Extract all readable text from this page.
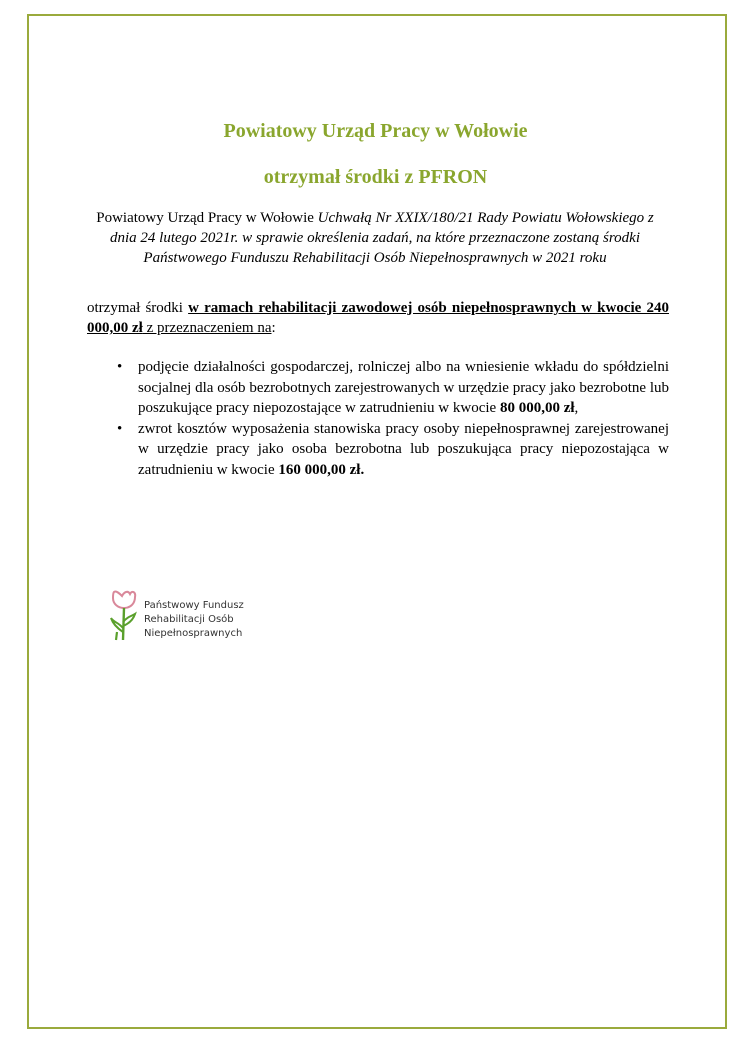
Powiatowy Urząd Pracy w Wołowie
otrzymał środki z PFRON
Powiatowy Urząd Pracy w Wołowie Uchwałą Nr XXIX/180/21 Rady Powiatu Wołowskiego z dnia 24 lutego 2021r. w sprawie określenia zadań, na które przeznaczone zostaną środki Państwowego Funduszu Rehabilitacji Osób Niepełnosprawnych w 2021 roku
otrzymał środki w ramach rehabilitacji zawodowej osób niepełnosprawnych w kwocie 240 000,00 zł z przeznaczeniem na:
• podjęcie działalności gospodarczej, rolniczej albo na wniesienie wkładu do spółdzielni socjalnej dla osób bezrobotnych zarejestrowanych w urzędzie pracy jako bezrobotne lub poszukujące pracy niepozostające w zatrudnieniu w kwocie 80 000,00 zł,
• zwrot kosztów wyposażenia stanowiska pracy osoby niepełnosprawnej zarejestrowanej w urzędzie pracy jako osoba bezrobotna lub poszukująca pracy niepozostająca w zatrudnieniu w kwocie 160 000,00 zł.
Państwowy Fundusz
Rehabilitacji Osób
Niepełnosprawnych
